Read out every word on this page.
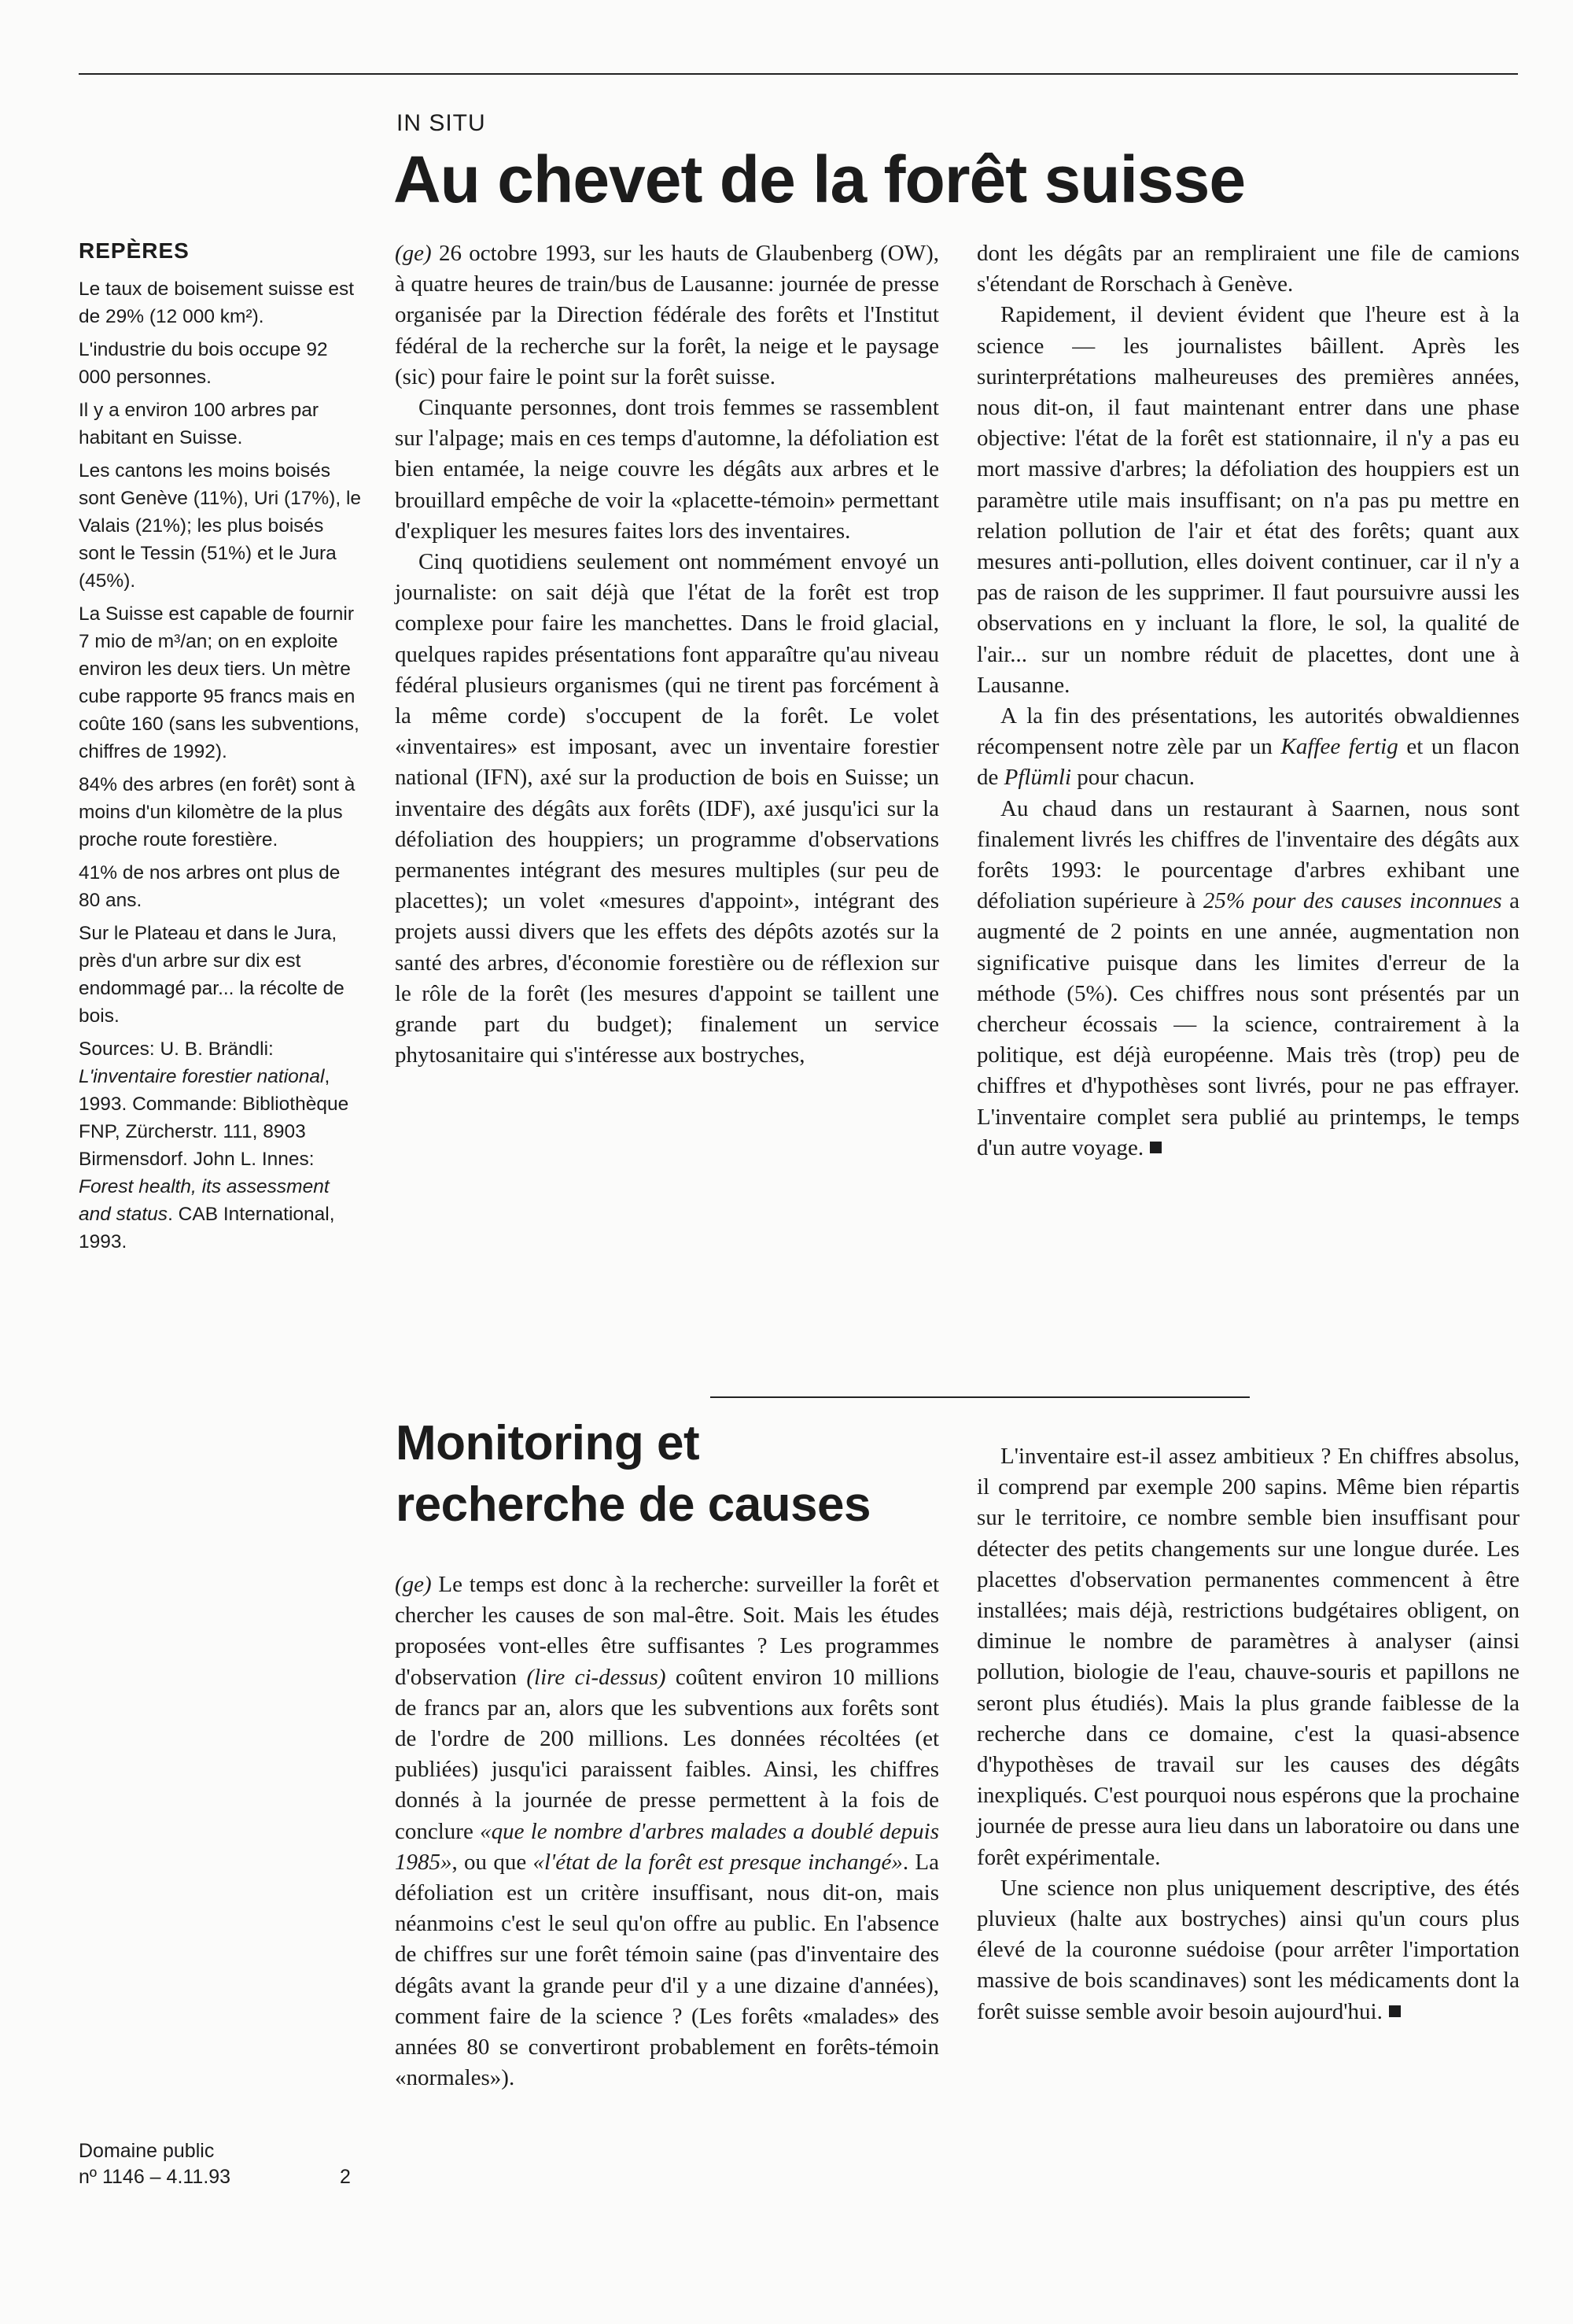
IN SITU
Au chevet de la forêt suisse
REPÈRES

Le taux de boisement suisse est de 29% (12 000 km²).

L'industrie du bois occupe 92 000 personnes.

Il y a environ 100 arbres par habitant en Suisse.

Les cantons les moins boisés sont Genève (11%), Uri (17%), le Valais (21%); les plus boisés sont le Tessin (51%) et le Jura (45%).

La Suisse est capable de fournir 7 mio de m³/an; on en exploite environ les deux tiers. Un mètre cube rapporte 95 francs mais en coûte 160 (sans les subventions, chiffres de 1992).

84% des arbres (en forêt) sont à moins d'un kilomètre de la plus proche route forestière.

41% de nos arbres ont plus de 80 ans.

Sur le Plateau et dans le Jura, près d'un arbre sur dix est endommagé par... la récolte de bois.

Sources: U. B. Brändli: L'inventaire forestier national, 1993. Commande: Bibliothèque FNP, Zürcherstr. 111, 8903 Birmensdorf. John L. Innes: Forest health, its assessment and status. CAB International, 1993.

(ge) 26 octobre 1993, sur les hauts de Glaubenberg (OW), à quatre heures de train/bus de Lausanne: journée de presse organisée par la Direction fédérale des forêts et l'Institut fédéral de la recherche sur la forêt, la neige et le paysage (sic) pour faire le point sur la forêt suisse.

Cinquante personnes, dont trois femmes se rassemblent sur l'alpage; mais en ces temps d'automne, la défoliation est bien entamée, la neige couvre les dégâts aux arbres et le brouillard empêche de voir la «placette-témoin» permettant d'expliquer les mesures faites lors des inventaires.

Cinq quotidiens seulement ont nommément envoyé un journaliste: on sait déjà que l'état de la forêt est trop complexe pour faire les manchettes. Dans le froid glacial, quelques rapides présentations font apparaître qu'au niveau fédéral plusieurs organismes (qui ne tirent pas forcément à la même corde) s'occupent de la forêt. Le volet «inventaires» est imposant, avec un inventaire forestier national (IFN), axé sur la production de bois en Suisse; un inventaire des dégâts aux forêts (IDF), axé jusqu'ici sur la défoliation des houppiers; un programme d'observations permanentes intégrant des mesures multiples (sur peu de placettes); un volet «mesures d'appoint», intégrant des projets aussi divers que les effets des dépôts azotés sur la santé des arbres, d'économie forestière ou de réflexion sur le rôle de la forêt (les mesures d'appoint se taillent une grande part du budget); finalement un service phytosanitaire qui s'intéresse aux bostryches,

dont les dégâts par an rempliraient une file de camions s'étendant de Rorschach à Genève.

Rapidement, il devient évident que l'heure est à la science — les journalistes bâillent. Après les surinterprétations malheureuses des premières années, nous dit-on, il faut maintenant entrer dans une phase objective: l'état de la forêt est stationnaire, il n'y a pas eu mort massive d'arbres; la défoliation des houppiers est un paramètre utile mais insuffisant; on n'a pas pu mettre en relation pollution de l'air et état des forêts; quant aux mesures anti-pollution, elles doivent continuer, car il n'y a pas de raison de les supprimer. Il faut poursuivre aussi les observations en y incluant la flore, le sol, la qualité de l'air... sur un nombre réduit de placettes, dont une à Lausanne.

A la fin des présentations, les autorités obwaldiennes récompensent notre zèle par un Kaffee fertig et un flacon de Pflümli pour chacun.

Au chaud dans un restaurant à Saarnen, nous sont finalement livrés les chiffres de l'inventaire des dégâts aux forêts 1993: le pourcentage d'arbres exhibant une défoliation supérieure à 25% pour des causes inconnues a augmenté de 2 points en une année, augmentation non significative puisque dans les limites d'erreur de la méthode (5%). Ces chiffres nous sont présentés par un chercheur écossais — la science, contrairement à la politique, est déjà européenne. Mais très (trop) peu de chiffres et d'hypothèses sont livrés, pour ne pas effrayer. L'inventaire complet sera publié au printemps, le temps d'un autre voyage.

Monitoring et
recherche de causes

(ge) Le temps est donc à la recherche: surveiller la forêt et chercher les causes de son mal-être. Soit. Mais les études proposées vont-elles être suffisantes ? Les programmes d'observation (lire ci-dessus) coûtent environ 10 millions de francs par an, alors que les subventions aux forêts sont de l'ordre de 200 millions. Les données récoltées (et publiées) jusqu'ici paraissent faibles. Ainsi, les chiffres donnés à la journée de presse permettent à la fois de conclure «que le nombre d'arbres malades a doublé depuis 1985», ou que «l'état de la forêt est presque inchangé». La défoliation est un critère insuffisant, nous dit-on, mais néanmoins c'est le seul qu'on offre au public. En l'absence de chiffres sur une forêt témoin saine (pas d'inventaire des dégâts avant la grande peur d'il y a une dizaine d'années), comment faire de la science ? (Les forêts «malades» des années 80 se convertiront probablement en forêts-témoin «normales»).

L'inventaire est-il assez ambitieux ? En chiffres absolus, il comprend par exemple 200 sapins. Même bien répartis sur le territoire, ce nombre semble bien insuffisant pour détecter des petits changements sur une longue durée. Les placettes d'observation permanentes commencent à être installées; mais déjà, restrictions budgétaires obligent, on diminue le nombre de paramètres à analyser (ainsi pollution, biologie de l'eau, chauve-souris et papillons ne seront plus étudiés). Mais la plus grande faiblesse de la recherche dans ce domaine, c'est la quasi-absence d'hypothèses de travail sur les causes des dégâts inexpliqués. C'est pourquoi nous espérons que la prochaine journée de presse aura lieu dans un laboratoire ou dans une forêt expérimentale.

Une science non plus uniquement descriptive, des étés pluvieux (halte aux bostryches) ainsi qu'un cours plus élevé de la couronne suédoise (pour arrêter l'importation massive de bois scandinaves) sont les médicaments dont la forêt suisse semble avoir besoin aujourd'hui.

Domaine public
nº 1146 – 4.11.93	2
